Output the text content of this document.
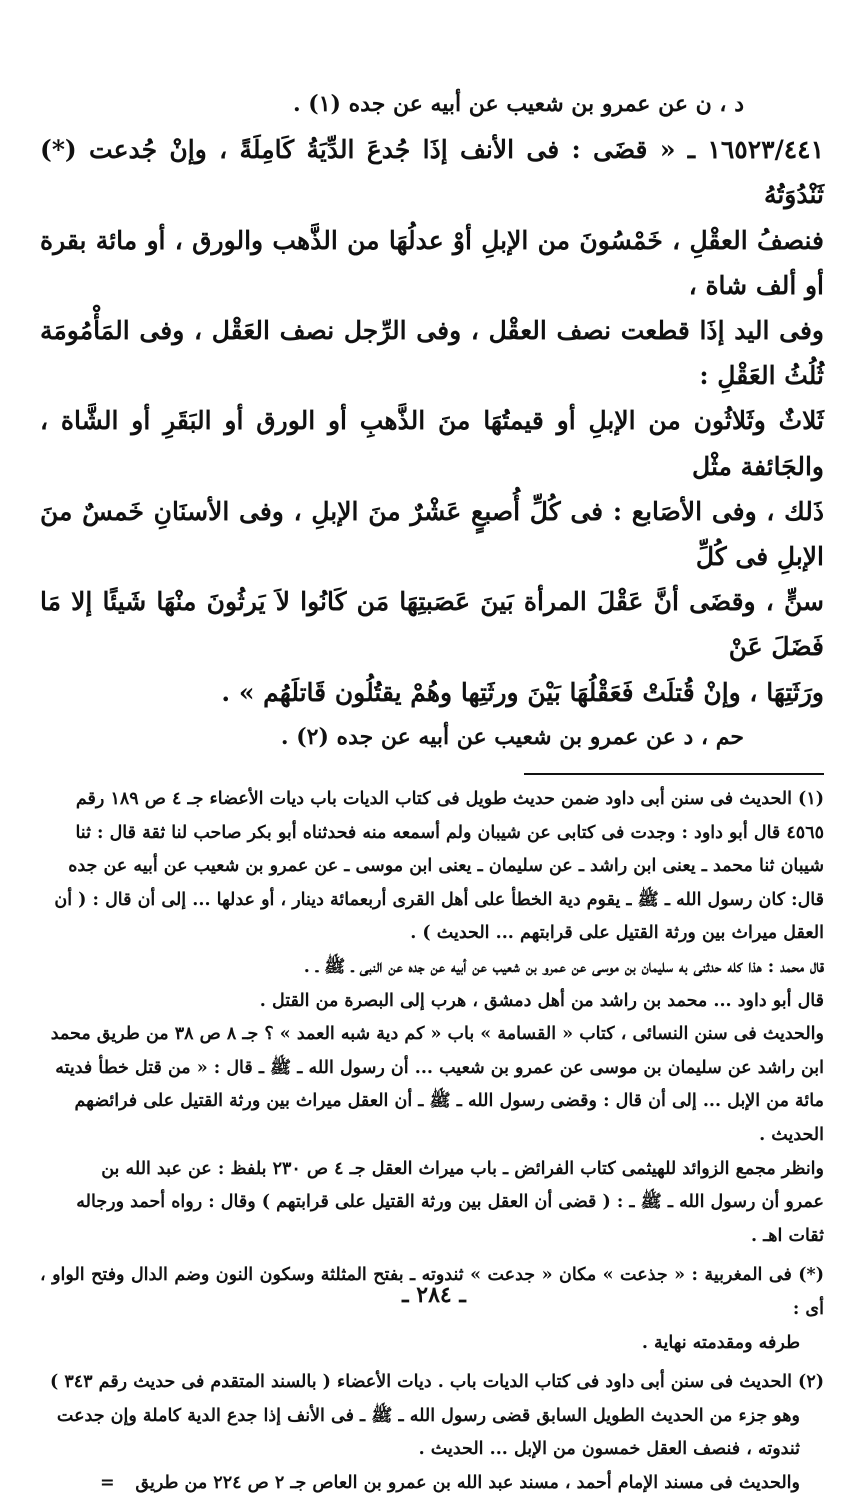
د ، ن عن عمرو بن شعيب عن أبيه عن جده (١) .

١٦٥٢٣/٤٤١ ـ « قضَى : فى الأنف إذَا جُدعَ الدِّيَةُ كَامِلَةً ، وإنْ جُدعت (*) ثَنْدُوَتُهُ

فنصفُ العقْلِ ، خَمْسُونَ من الإبلِ أوْ عدلُهَا من الذَّهب والورق ، أو مائة بقرة أو ألف شاة ،

وفى اليد إذَا قطعت نصف العقْل ، وفى الرِّجل نصف العَقْل ، وفى المَأْمُومَة ثُلُثُ العَقْلِ :

ثَلاثٌ وثَلاثُون من الإبلِ أو قيمتُهَا منَ الذَّهبِ أو الورق أو البَقَرِ أو الشَّاة ، والجَائفة مثْل

ذَلك ، وفى الأصَابع : فى كُلِّ أُصبعٍ عَشْرٌ منَ الإبلِ ، وفى الأسنَانِ خَمسٌ منَ الإبلِ فى كُلِّ

سنٍّ ، وقضَى أنَّ عَقْلَ المرأة بَينَ عَصَبتِهَا مَن كَانُوا لاَ يَرثُونَ منْهَا شَيئًا إلا مَا فَضَلَ عَنْ

ورَثَتِهَا ، وإنْ قُتلَتْ فَعَقْلُهَا بَيْنَ ورثَتِها وهُمْ يقتُلُون قَاتلَهُم » .

حم ، د عن عمرو بن شعيب عن أبيه عن جده (٢) .

(١) الحديث فى سنن أبى داود ضمن حديث طويل فى كتاب الديات باب ديات الأعضاء جـ ٤ ص ١٨٩ رقم

٤٥٦٥ قال أبو داود : وجدت فى كتابى عن شيبان ولم أسمعه منه فحدثناه أبو بكر صاحب لنا ثقة قال : ثنا

شيبان ثنا محمد ـ يعنى ابن راشد ـ عن سليمان ـ يعنى ابن موسى ـ عن عمرو بن شعيب عن أبيه عن جده

قال: كان رسول الله ـ ﷺ ـ يقوم دية الخطأ على أهل القرى أربعمائة دينار ، أو عدلها ... إلى أن قال : ( أن

العقل ميراث بين ورثة القتيل على قرابتهم ... الحديث ) .

قال محمد : هذا كله حدثنى به سليمان بن موسى عن عمرو بن شعيب عن أبيه عن جده عن النبى ـ ﷺ ـ .

قال أبو داود ... محمد بن راشد من أهل دمشق ، هرب إلى البصرة من القتل .

والحديث فى سنن النسائى ، كتاب « القسامة » باب « كم دية شبه العمد » ؟ جـ ٨ ص ٣٨ من طريق محمد

ابن راشد عن سليمان بن موسى عن عمرو بن شعيب ... أن رسول الله ـ ﷺ ـ قال : « من قتل خطأ فديته

مائة من الإبل ... إلى أن قال : وقضى رسول الله ـ ﷺ ـ أن العقل ميراث بين ورثة القتيل على فرائضهم

الحديث .

وانظر مجمع الزوائد للهيثمى كتاب الفرائض ـ باب ميراث العقل جـ ٤ ص ٢٣٠ بلفظ : عن عبد الله بن

عمرو أن رسول الله ـ ﷺ ـ : ( قضى أن العقل بين ورثة القتيل على قرابتهم ) وقال : رواه أحمد ورجاله

ثقات اهـ .

(*) فى المغربية : « جذعت » مكان « جدعت » ثندوته ـ بفتح المثلثة وسكون النون وضم الدال وفتح الواو ، أى :

طرفه ومقدمته نهاية .

(٢) الحديث فى سنن أبى داود فى كتاب الديات باب . ديات الأعضاء ( بالسند المتقدم فى حديث رقم ٣٤٣ )

وهو جزء من الحديث الطويل السابق قضى رسول الله ـ ﷺ ـ فى الأنف إذا جدع الدية كاملة وإن جدعت

ثندوته ، فنصف العقل خمسون من الإبل ... الحديث .

والحديث فى مسند الإمام أحمد ، مسند عبد الله بن عمرو بن العاص جـ ٢ ص ٢٢٤ من طريق
=

ـ ٢٨٤ ـ
